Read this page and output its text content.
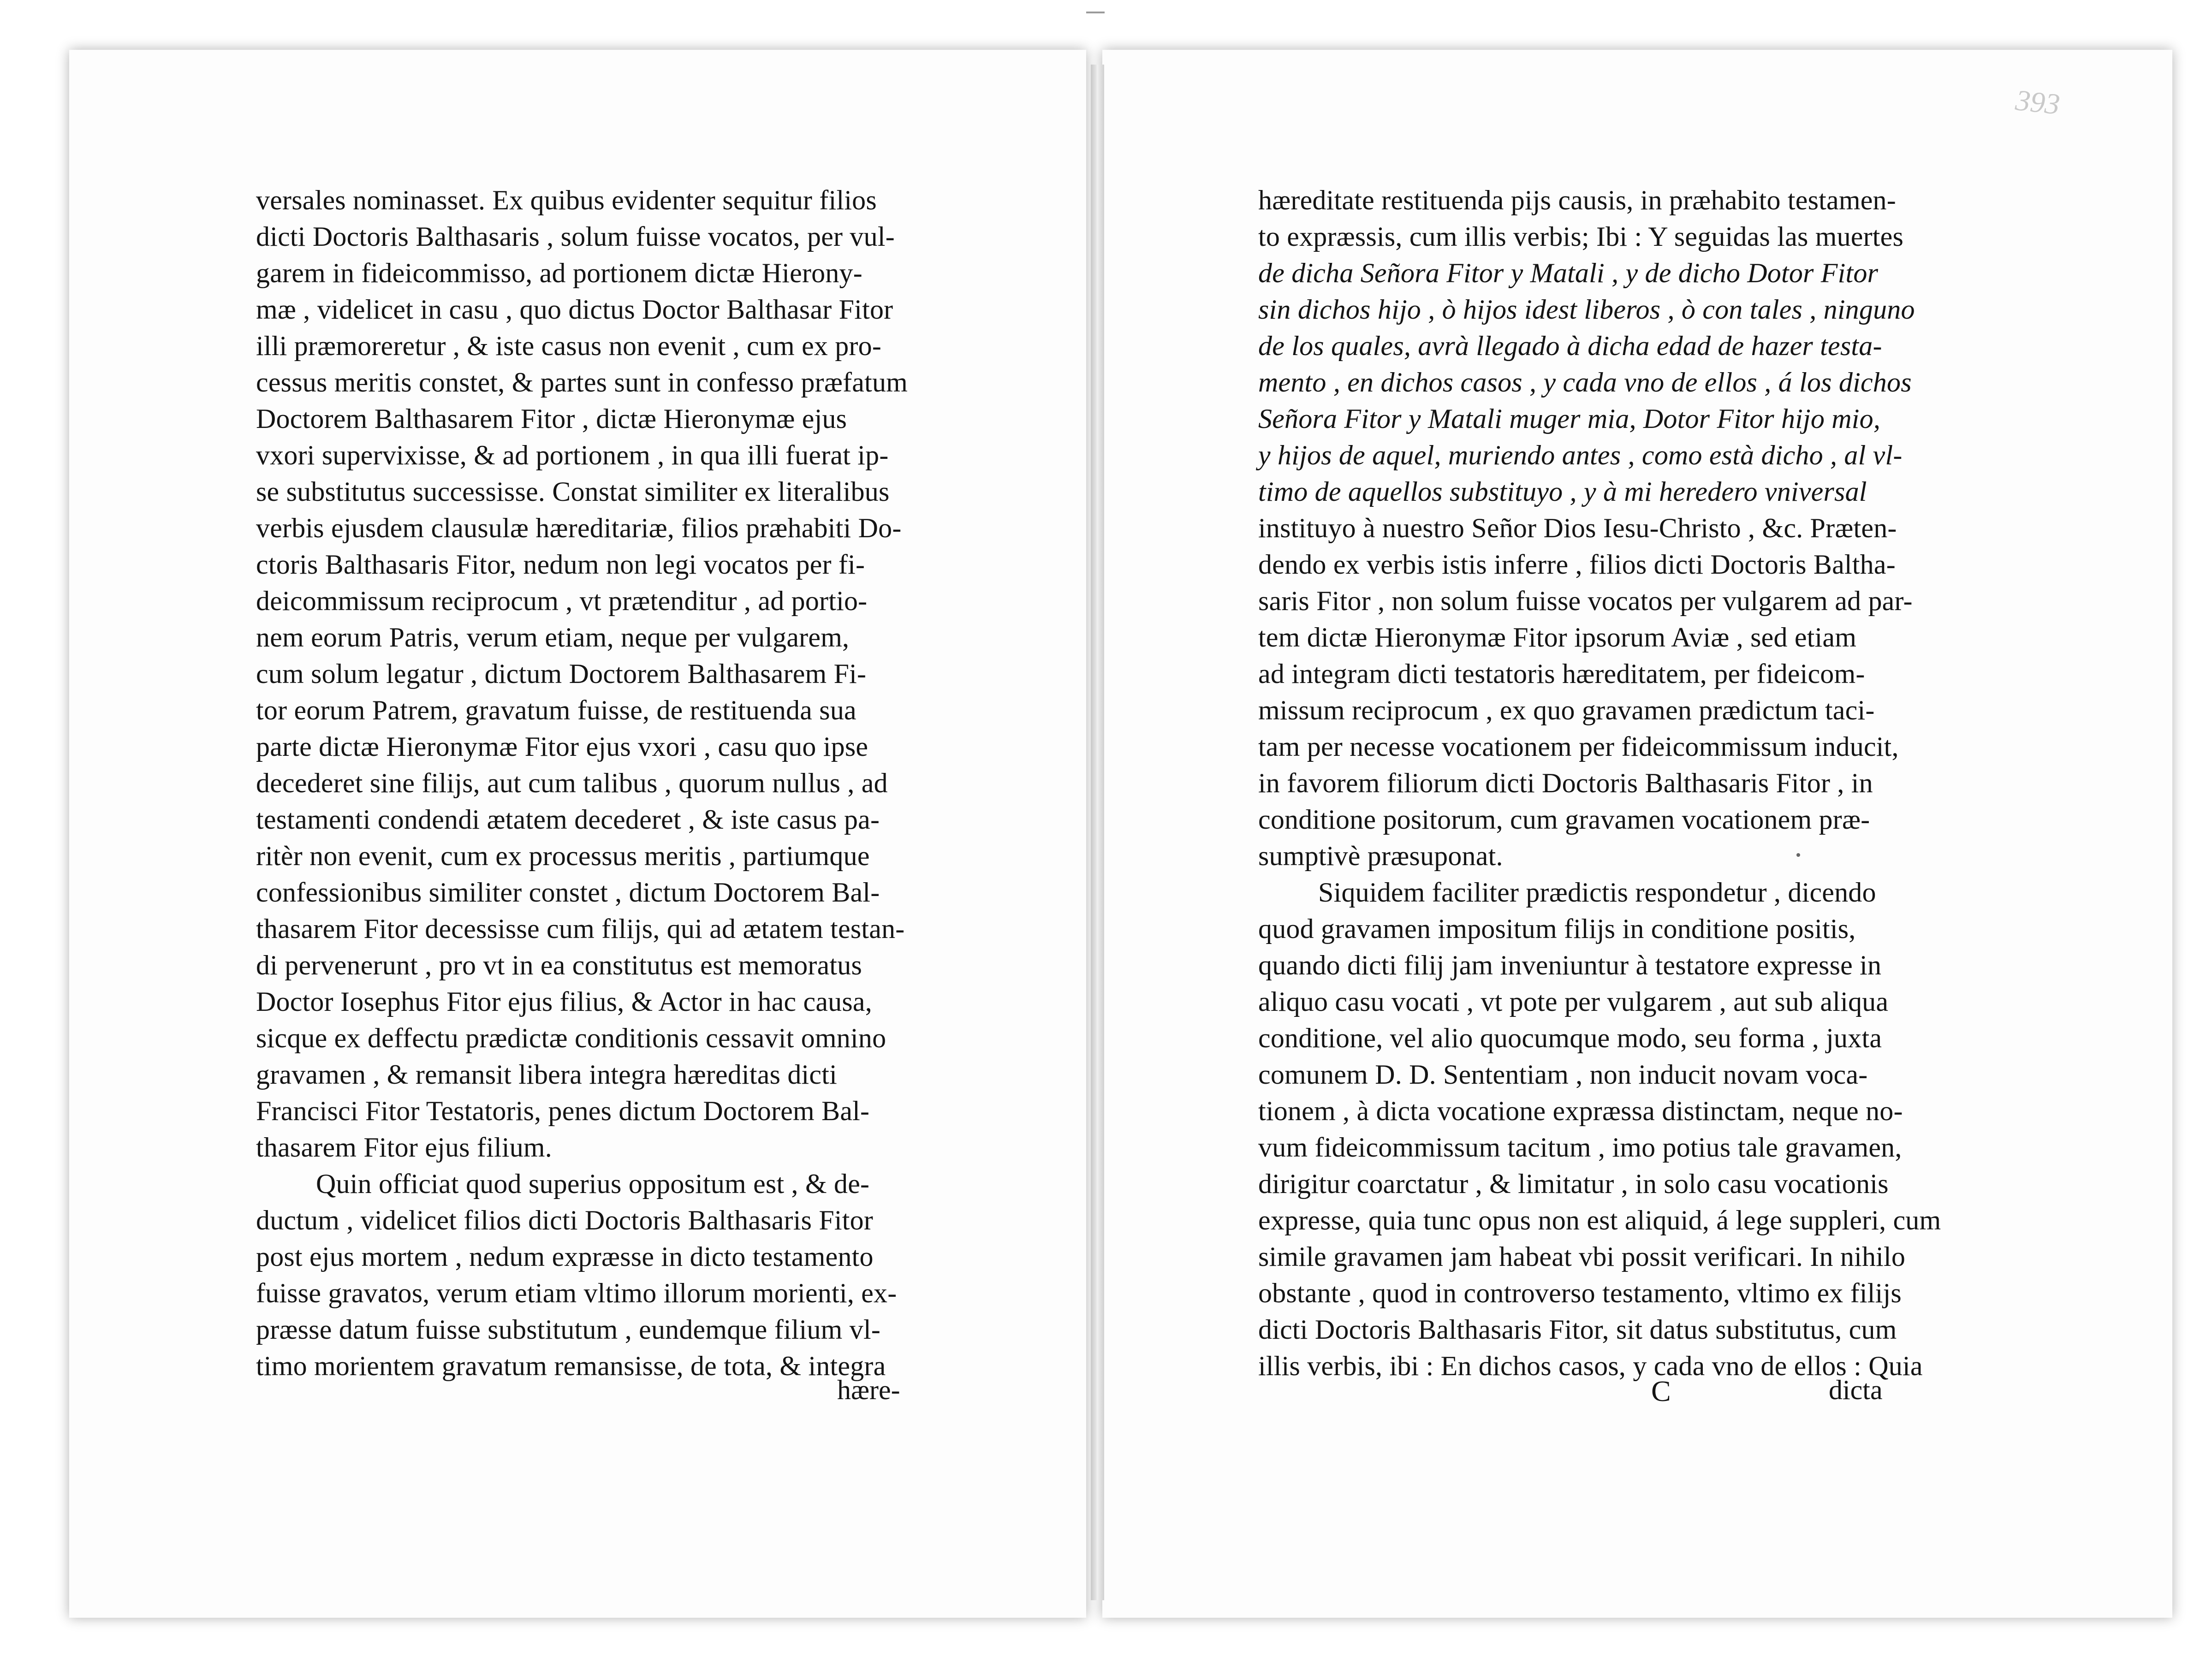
393
versales nominasset. Ex quibus evidenter sequitur filios
dicti Doctoris Balthasaris , solum fuisse vocatos, per vul-
garem in fideicommisso, ad portionem dictæ Hierony-
mæ , videlicet in casu , quo dictus Doctor Balthasar Fitor
illi præmoreretur , & iste casus non evenit , cum ex pro-
cessus meritis constet, & partes sunt in confesso præfatum
Doctorem Balthasarem Fitor , dictæ Hieronymæ ejus
vxori supervixisse, & ad portionem , in qua illi fuerat ip-
se substitutus successisse. Constat similiter ex literalibus
verbis ejusdem clausulæ hæreditariæ, filios præhabiti Do-
ctoris Balthasaris Fitor, nedum non legi vocatos per fi-
deicommissum reciprocum , vt prætenditur , ad portio-
nem eorum Patris, verum etiam, neque per vulgarem,
cum solum legatur , dictum Doctorem Balthasarem Fi-
tor eorum Patrem, gravatum fuisse, de restituenda sua
parte dictæ Hieronymæ Fitor ejus vxori , casu quo ipse
decederet sine filijs, aut cum talibus , quorum nullus , ad
testamenti condendi ætatem decederet , & iste casus pa-
ritèr non evenit, cum ex processus meritis , partiumque
confessionibus similiter constet , dictum Doctorem Bal-
thasarem Fitor decessisse cum filijs, qui ad ætatem testan-
di pervenerunt , pro vt in ea constitutus est memoratus
Doctor Iosephus Fitor ejus filius, & Actor in hac causa,
sicque ex deffectu prædictæ conditionis cessavit omnino
gravamen , & remansit libera integra hæreditas dicti
Francisci Fitor Testatoris, penes dictum Doctorem Bal-
thasarem Fitor ejus filium.
Quin officiat quod superius oppositum est , & de-
ductum , videlicet filios dicti Doctoris Balthasaris Fitor
post ejus mortem , nedum expræsse in dicto testamento
fuisse gravatos, verum etiam vltimo illorum morienti, ex-
præsse datum fuisse substitutum , eundemque filium vl-
timo morientem gravatum remansisse, de tota, & integra
hæreditate restituenda pijs causis, in præhabito testamen-
to expræssis, cum illis verbis; Ibi : Y seguidas las muertes
de dicha Señora Fitor y Matali , y de dicho Dotor Fitor
sin dichos hijo , ò hijos idest liberos , ò con tales , ninguno
de los quales, avrà llegado à dicha edad de hazer testa-
mento , en dichos casos , y cada vno de ellos , á los dichos
Señora Fitor y Matali muger mia, Dotor Fitor hijo mio,
y hijos de aquel, muriendo antes , como està dicho , al vl-
timo de aquellos substituyo , y à mi heredero vniversal
instituyo à nuestro Señor Dios Iesu-Christo , &c. Præten-
dendo ex verbis istis inferre , filios dicti Doctoris Baltha-
saris Fitor , non solum fuisse vocatos per vulgarem ad par-
tem dictæ Hieronymæ Fitor ipsorum Aviæ , sed etiam
ad integram dicti testatoris hæreditatem, per fideicom-
missum reciprocum , ex quo gravamen prædictum taci-
tam per necesse vocationem per fideicommissum inducit,
in favorem filiorum dicti Doctoris Balthasaris Fitor , in
conditione positorum, cum gravamen vocationem præ-
sumptivè præsuponat.
Siquidem faciliter prædictis respondetur , dicendo
quod gravamen impositum filijs in conditione positis,
quando dicti filij jam inveniuntur à testatore expresse in
aliquo casu vocati , vt pote per vulgarem , aut sub aliqua
conditione, vel alio quocumque modo, seu forma , juxta
comunem D. D. Sententiam , non inducit novam voca-
tionem , à dicta vocatione expræssa distinctam, neque no-
vum fideicommissum tacitum , imo potius tale gravamen,
dirigitur coarctatur , & limitatur , in solo casu vocationis
expresse, quia tunc opus non est aliquid, á lege suppleri, cum
simile gravamen jam habeat vbi possit verificari. In nihilo
obstante , quod in controverso testamento, vltimo ex filijs
dicti Doctoris Balthasaris Fitor, sit datus substitutus, cum
illis verbis, ibi : En dichos casos, y cada vno de ellos : Quia
hære-	C	dicta
